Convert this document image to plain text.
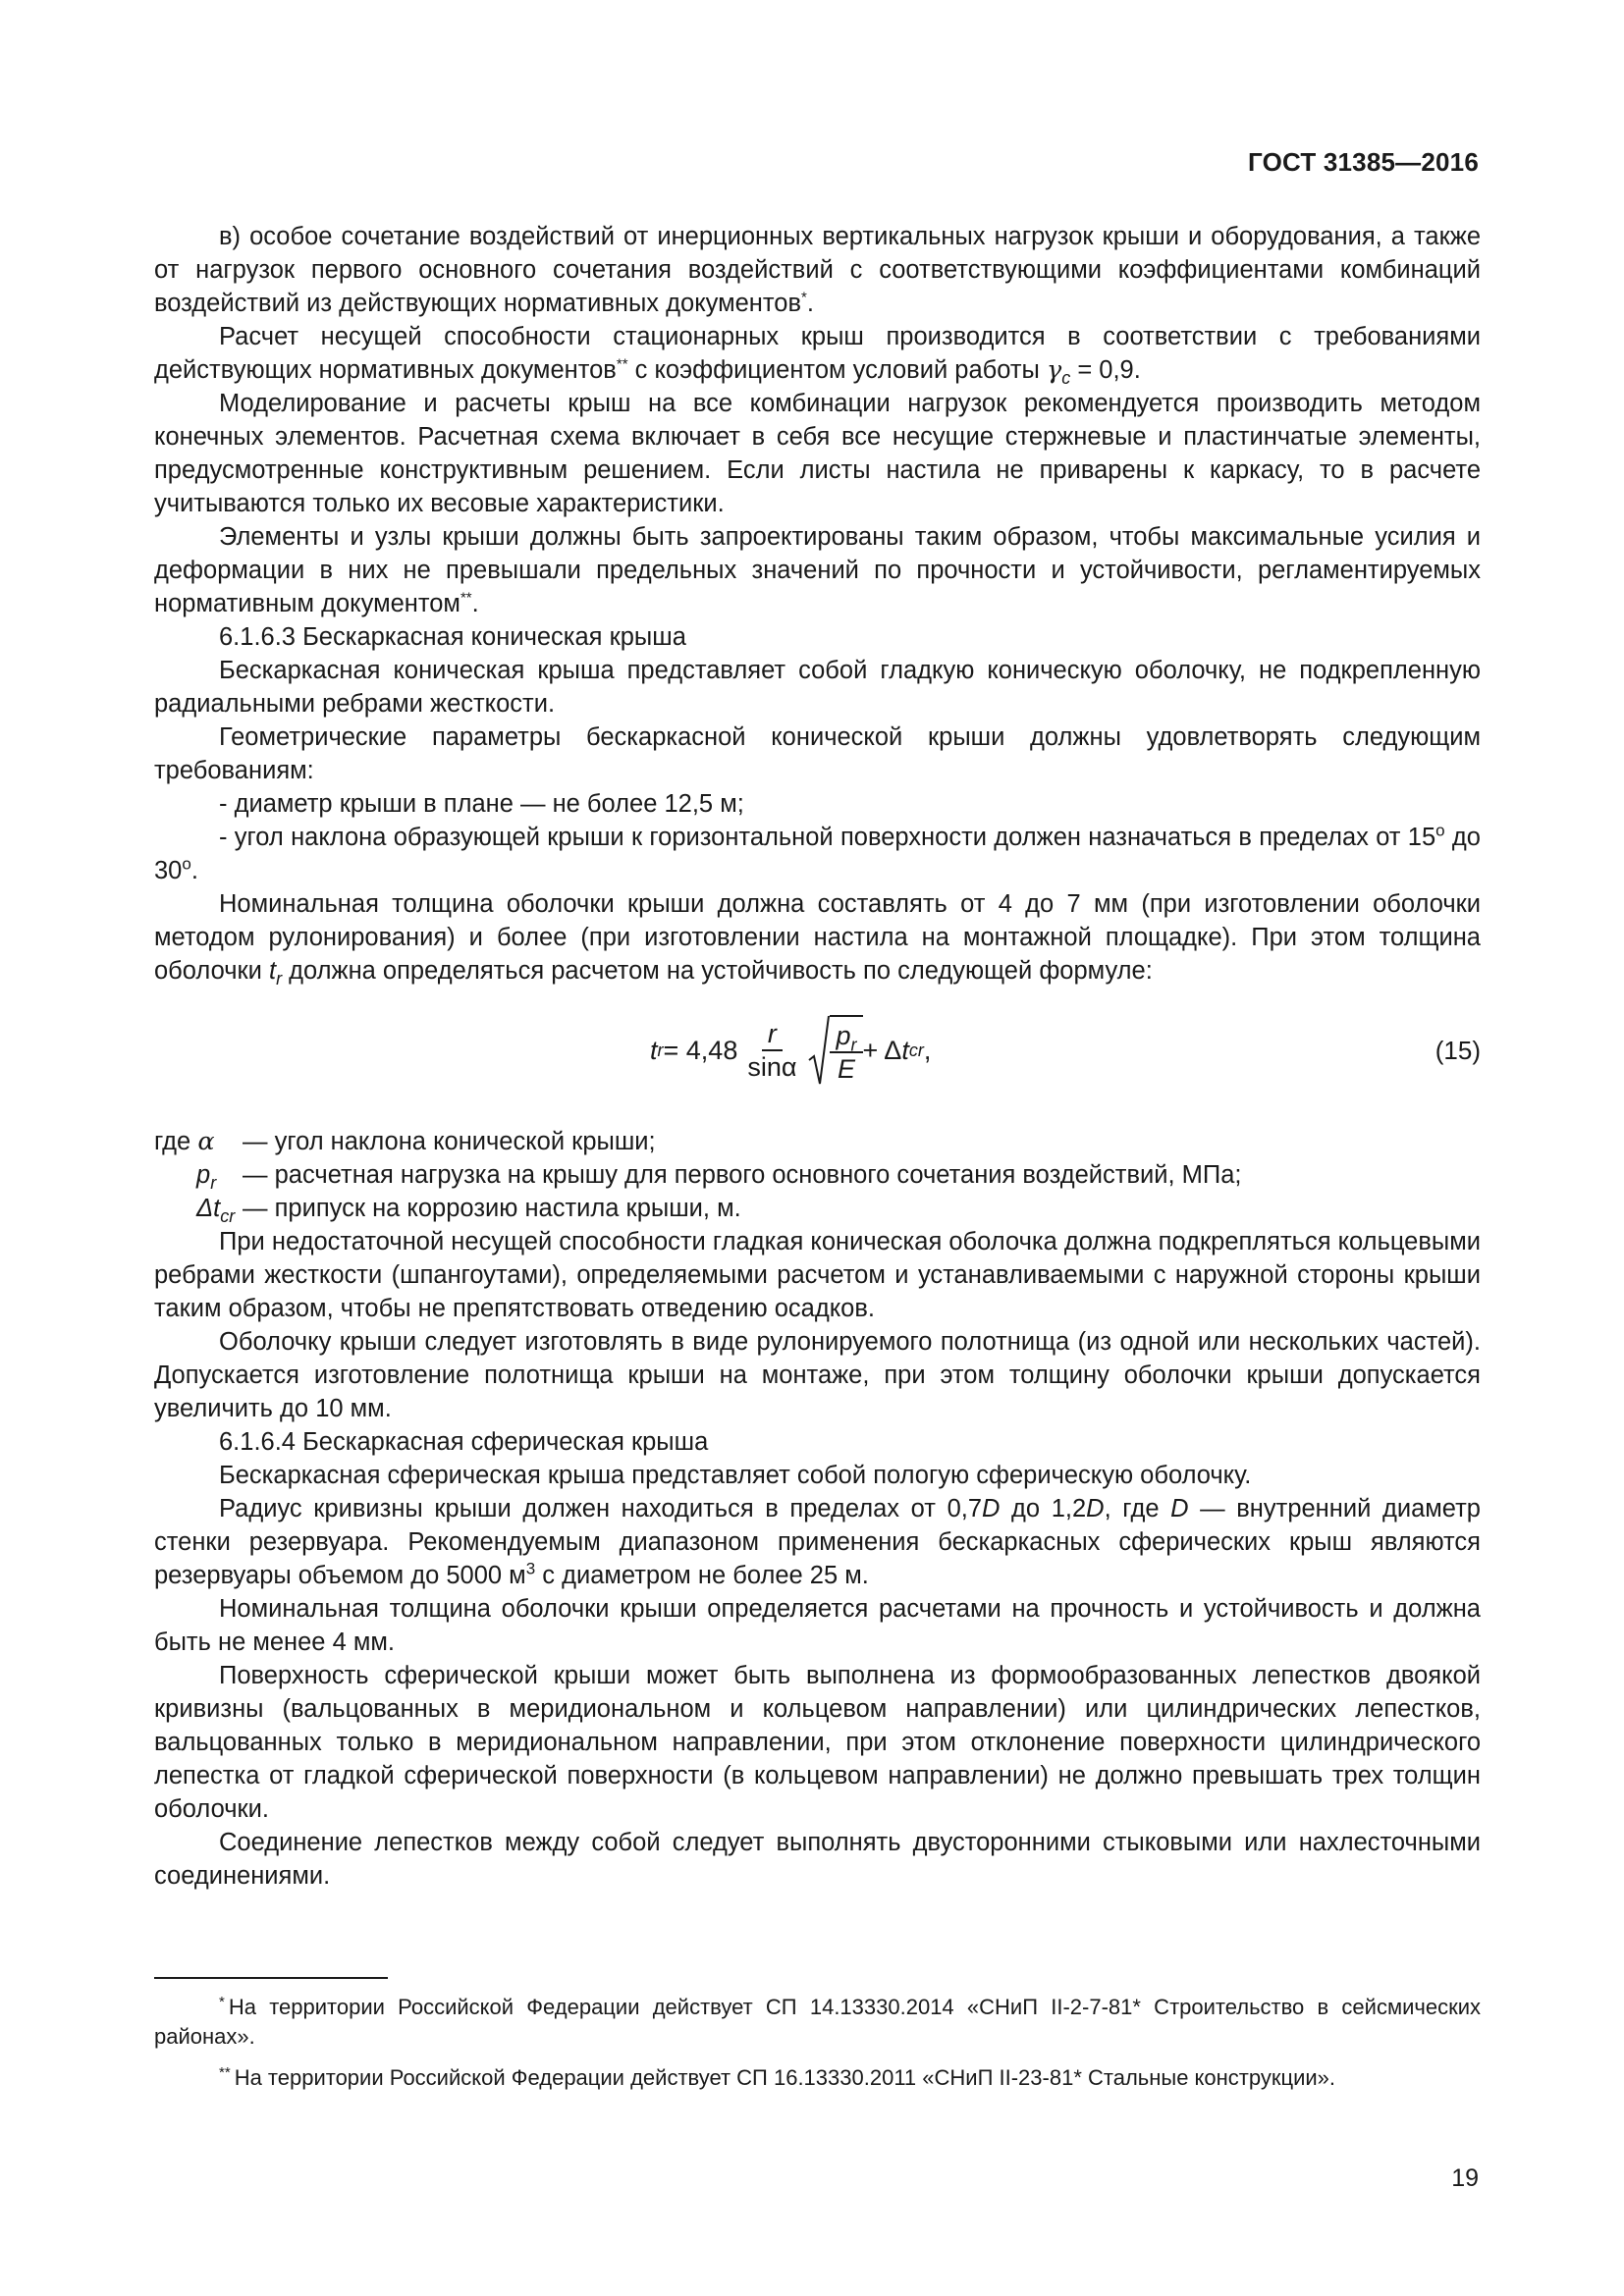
ГОСТ 31385—2016

в) особое сочетание воздействий от инерционных вертикальных нагрузок крыши и оборудования, а также от нагрузок первого основного сочетания воздействий с соответствующими коэффициентами комбинаций воздействий из действующих нормативных документов*.

Расчет несущей способности стационарных крыш производится в соответствии с требованиями действующих нормативных документов** с коэффициентом условий работы $\gamma_c = 0,9$.

Моделирование и расчеты крыш на все комбинации нагрузок рекомендуется производить методом конечных элементов. Расчетная схема включает в себя все несущие стержневые и пластинчатые элементы, предусмотренные конструктивным решением. Если листы настила не приварены к каркасу, то в расчете учитываются только их весовые характеристики.

Элементы и узлы крыши должны быть запроектированы таким образом, чтобы максимальные усилия и деформации в них не превышали предельных значений по прочности и устойчивости, регламентируемых нормативным документом**.

6.1.6.3 Бескаркасная коническая крыша

Бескаркасная коническая крыша представляет собой гладкую коническую оболочку, не подкрепленную радиальными ребрами жесткости.

Геометрические параметры бескаркасной конической крыши должны удовлетворять следующим требованиям:

- диаметр крыши в плане — не более 12,5 м;

- угол наклона образующей крыши к горизонтальной поверхности должен назначаться в пределах от 15$^o$ до 30$^o$.

Номинальная толщина оболочки крыши должна составлять от 4 до 7 мм (при изготовлении оболочки методом рулонирования) и более (при изготовлении настила на монтажной площадке). При этом толщина оболочки $t_r$ должна определяться расчетом на устойчивость по следующей формуле:

t $r = 4,48 \frac{r}{\sin\alpha} \frac{p_r}{E} + \Delta$ t cr ,	(15)
где α	— угол наклона конической крыши;
$p_r$	— расчетная нагрузка на крышу для первого основного сочетания воздействий, МПа;
$\Delta t_{cr}$ — припуск на коррозию настила крыши, м.

При недостаточной несущей способности гладкая коническая оболочка должна подкрепляться кольцевыми ребрами жесткости (шпангоутами), определяемыми расчетом и устанавливаемыми с наружной стороны крыши таким образом, чтобы не препятствовать отведению осадков.

Оболочку крыши следует изготовлять в виде рулонируемого полотнища (из одной или нескольких частей). Допускается изготовление полотнища крыши на монтаже, при этом толщину оболочки крыши допускается увеличить до 10 мм.

6.1.6.4 Бескаркасная сферическая крыша

Бескаркасная сферическая крыша представляет собой пологую сферическую оболочку.

Радиус кривизны крыши должен находиться в пределах от 0,7D до 1,2D, где D — внутренний диаметр стенки резервуара. Рекомендуемым диапазоном применения бескаркасных сферических крыш являются резервуары объемом до 5000 $м^3$ с диаметром не более 25 м.

Номинальная толщина оболочки крыши определяется расчетами на прочность и устойчивость и должна быть не менее 4 мм.

Поверхность сферической крыши может быть выполнена из формообразованных лепестков двоякой кривизны (вальцованных в меридиональном и кольцевом направлении) или цилиндрических лепестков, вальцованных только в меридиональном направлении, при этом отклонение поверхности цилиндрического лепестка от гладкой сферической поверхности (в кольцевом направлении) не должно превышать трех толщин оболочки.

Соединение лепестков между собой следует выполнять двусторонними стыковыми или нахлесточными соединениями.

* На территории Российской Федерации действует СП 14.13330.2014 «СНиП II-2-7-81* Строительство в сейсмических районах».

** На территории Российской Федерации действует СП 16.13330.2011 «СНиП II-23-81* Стальные конструкции».

19
